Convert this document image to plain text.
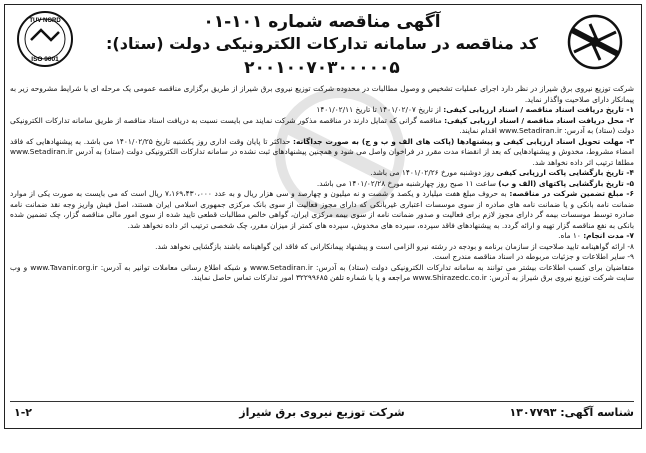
آگهی مناقصه شماره ۱۰۱-۰۱
کد مناقصه در سامانه تدارکات الکترونیکی دولت (ستاد):
۲۰۰۱۰۰۷۰۳۰۰۰۰۰۵
TUV NORD
ISO 9001

شرکت توزیع نیروی برق شیراز در نظر دارد اجرای عملیات تشخیص و وصول مطالبات در محدوده شرکت توزیع نیروی برق شیراز از طریق برگزاری مناقصه عمومی یک مرحله ای با شرایط مشروحه زیر به پیمانکار دارای صلاحیت واگذار نماید.

۱- تاریخ دریافت اسناد مناقصه / اسناد ارزیابی کیفی: از تاریخ ۱۴۰۱/۰۲/۰۷ تا تاریخ ۱۴۰۱/۰۲/۱۱

۲- محل دریافت اسناد مناقصه / اسناد ارزیابی کیفی: مناقصه گرانی که تمایل دارند در مناقصه مذکور شرکت نمایند می بایست نسبت به دریافت اسناد مناقصه از طریق سامانه تدارکات الکترونیکی دولت (ستاد) به آدرس: www.Setadiran.ir اقدام نمایند.

۳- مهلت تحویل اسناد ارزیابی کیفی و پیشنهادها (پاکت های الف و ب و ج) به صورت جداگانه: حداکثر تا پایان وقت اداری روز یکشنبه تاریخ ۱۴۰۱/۰۲/۲۵ می باشد. به پیشنهادهایی که فاقد امضاء مشروط، مخدوش و پیشنهادهایی که بعد از انقضاء مدت مقرر در فراخوان واصل می شود و همچنین پیشنهادهای ثبت نشده در سامانه تدارکات الکترونیکی دولت (ستاد) به آدرس www.Setadiran.ir مطلقا ترتیب اثر داده نخواهد شد.

۴- تاریخ بازگشایی پاکت ارزیابی کیفی روز دوشنبه مورخ ۱۴۰۱/۰۲/۲۶ می باشد.

۵- تاریخ بازگشایی پاکتهای (الف و ب) ساعت ۱۱ صبح روز چهارشنبه مورخ ۱۴۰۱/۰۲/۲۸ می باشد.

۶- مبلغ تضمین شرکت در مناقصه: به حروف مبلغ هفت میلیارد و یکصد و شصت و نه میلیون و چهارصد و سی هزار ریال و به عدد ۷،۱۶۹،۴۳۰،۰۰۰ ریال است که می بایست به صورت یکی از موارد ضمانت نامه بانکی و یا ضمانت نامه های صادره از سوی موسسات اعتباری غیربانکی که دارای مجوز فعالیت از سوی بانک مرکزی جمهوری اسلامی ایران هستند، اصل فیش واریز وجه نقد ضمانت نامه صادره توسط موسسات بیمه گر دارای مجوز لازم برای فعالیت و صدور ضمانت نامه از سوی بیمه مرکزی ایران، گواهی خالص مطالبات قطعی تایید شده از سوی امور مالی مناقصه گزار، چک تضمین شده بانکی به نفع مناقصه گزار تهیه و ارائه گردد. به پیشنهادهای فاقد سپرده، سپرده های مخدوش، سپرده های کمتر از میزان مقرر، چک شخصی ترتیب اثر داده نخواهد شد.

۷- مدت انجام: ۱۰ ماه.

۸- ارائه گواهینامه تایید صلاحیت از سازمان برنامه و بودجه در رشته نیرو الزامی است و پیشنهاد پیمانکارانی که فاقد این گواهینامه باشند بازگشایی نخواهد شد.

۹- سایر اطلاعات و جزئیات مربوطه در اسناد مناقصه مندرج است.

متقاضیان برای کسب اطلاعات بیشتر می توانند به سامانه تدارکات الکترونیکی دولت (ستاد) به آدرس: www.Setadiran.ir و شبکه اطلاع رسانی معاملات توانیر به آدرس: www.Tavanir.org.ir و وب سایت شرکت توزیع نیروی برق شیراز به آدرس: www.Shirazedc.co.ir مراجعه و یا با شماره تلفن ۳۲۲۹۹۶۸۵ امور تدارکات تماس حاصل نمایند.

شناسه آگهی: ۱۳۰۷۷۹۳
شرکت توزیع نیروی برق شیراز
۱-۲
